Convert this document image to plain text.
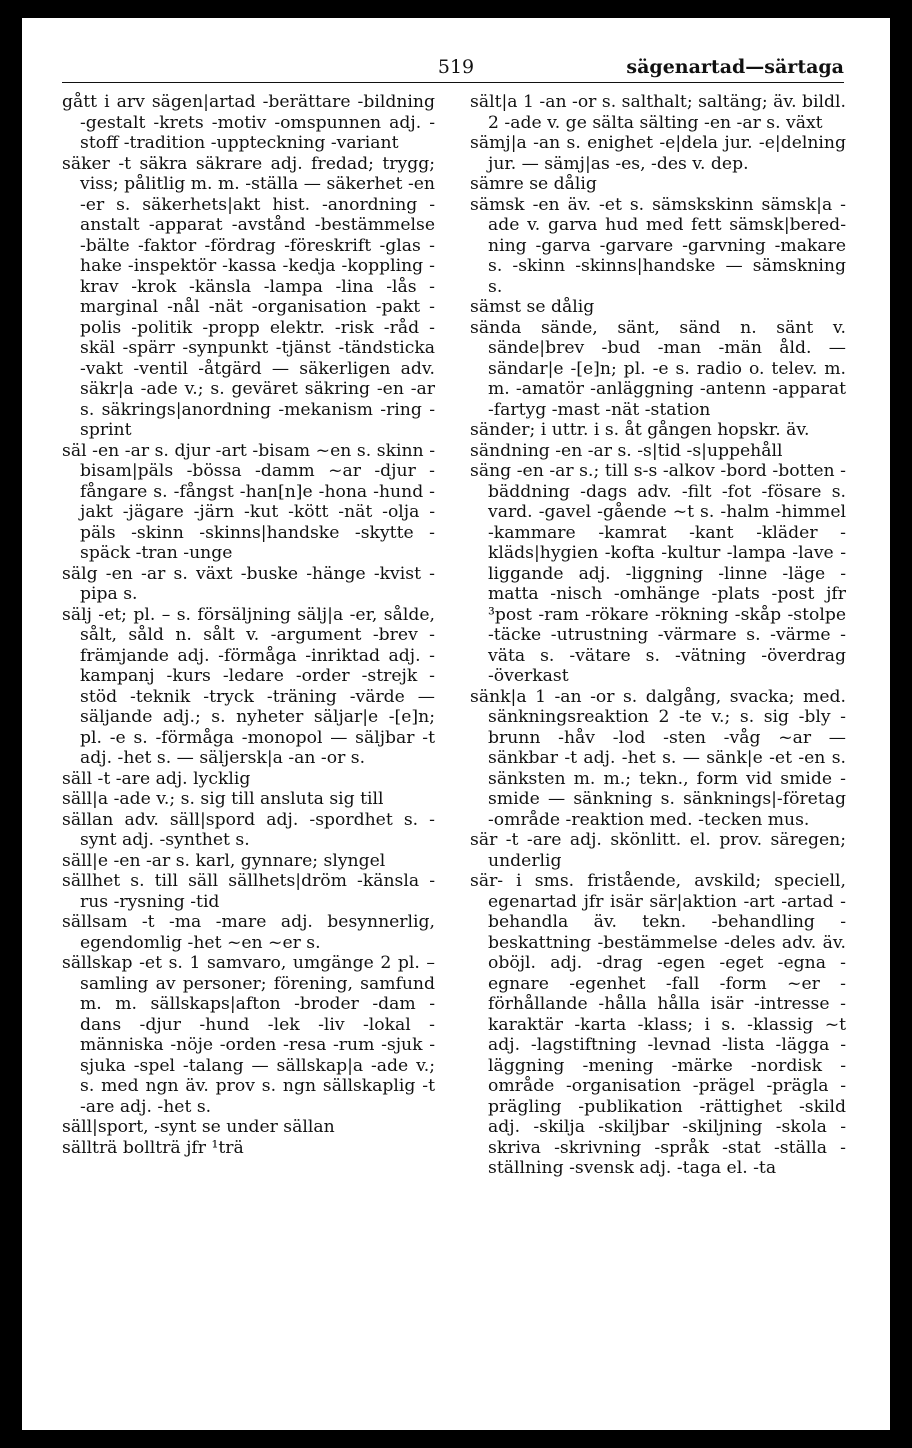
519	sägenartad—särtaga

gått i arv sägen|artad -berättare -bildning -gestalt -krets -motiv -omspunnen adj. -stoff -tradition -uppteckning -variant

säker -t säkra säkrare adj. fredad; trygg; viss; pålitlig m. m. -ställa — säkerhet -en -er s. säkerhets|akt hist. -anordning -anstalt -apparat -avstånd -bestämmelse -bälte -faktor -fördrag -föreskrift -glas -hake -inspektör -kassa -kedja -koppling -krav -krok -känsla -lampa -lina -lås -marginal -nål -nät -organisation -pakt -polis -politik -propp elektr. -risk -råd -skäl -spärr -synpunkt -tjänst -tändsticka -vakt -ventil -åtgärd — säkerligen adv. säkr|a -ade v.; s. geväret säkring -en -ar s. säkrings|anordning -mekanism -ring -sprint

säl -en -ar s. djur -art -bisam ~en s. skinn -bisam|päls -bössa -damm ~ar -djur -fångare s. -fångst -han[n]e -hona -hund -jakt -jägare -järn -kut -kött -nät -olja -päls -skinn -skinns|handske -skytte -späck -tran -unge

sälg -en -ar s. växt -buske -hänge -kvist -pipa s.

sälj -et; pl. – s. försäljning sälj|a -er, sålde, sålt, såld n. sålt v. -argument -brev -främjande adj. -förmåga -inriktad adj. -kampanj -kurs -ledare -order -strejk -stöd -teknik -tryck -träning -värde — säljande adj.; s. nyheter säljar|e -[e]n; pl. -e s. -förmåga -monopol — säljbar -t adj. -het s. — säljersk|a -an -or s.

säll -t -are adj. lycklig

säll|a -ade v.; s. sig till ansluta sig till

sällan adv. säll|spord adj. -spordhet s. -synt adj. -synthet s.

säll|e -en -ar s. karl, gynnare; slyngel

sällhet s. till säll sällhets|dröm -känsla -rus -rysning -tid

sällsam -t -ma -mare adj. besynnerlig, egendomlig -het ~en ~er s.

sällskap -et s. 1 samvaro, umgänge 2 pl. – samling av personer; förening, samfund m. m. sällskaps|afton -broder -dam -dans -djur -hund -lek -liv -lokal -människa -nöje -orden -resa -rum -sjuk -sjuka -spel -talang — sällskap|a -ade v.; s. med ngn äv. prov s. ngn sällskaplig -t -are adj. -het s.

säll|sport, -synt se under sällan

sällträ bollträ jfr ¹trä

sält|a 1 -an -or s. salthalt; saltäng; äv. bildl. 2 -ade v. ge sälta sälting -en -ar s. växt

sämj|a -an s. enighet -e|dela jur. -e|delning jur. — sämj|as -es, -des v. dep.

sämre se dålig

sämsk -en äv. -et s. sämskskinn sämsk|a -ade v. garva hud med fett sämsk|beredning -garva -garvare -garvning -makare s. -skinn -skinns|handske — sämskning s.

sämst se dålig

sända sände, sänt, sänd n. sänt v. sände|brev -bud -man -män åld. — sändar|e -[e]n; pl. -e s. radio o. telev. m. m. -amatör -anläggning -antenn -apparat -fartyg -mast -nät -station

sänder; i uttr. i s. åt gången hopskr. äv.

sändning -en -ar s. -s|tid -s|uppehåll

säng -en -ar s.; till s-s -alkov -bord -botten -bäddning -dags adv. -filt -fot -fösare s. vard. -gavel -gående ~t s. -halm -himmel -kammare -kamrat -kant -kläder -kläds|hygien -kofta -kultur -lampa -lave -liggande adj. -liggning -linne -läge -matta -nisch -omhänge -plats -post jfr ³post -ram -rökare -rökning -skåp -stolpe -täcke -utrustning -värmare s. -värme -väta s. -vätare s. -vätning -överdrag -överkast

sänk|a 1 -an -or s. dalgång, svacka; med. sänkningsreaktion 2 -te v.; s. sig -bly -brunn -håv -lod -sten -våg ~ar — sänkbar -t adj. -het s. — sänk|e -et -en s. sänksten m. m.; tekn., form vid smide -smide — sänkning s. sänknings|-företag -område -reaktion med. -tecken mus.

sär -t -are adj. skönlitt. el. prov. säregen; underlig

sär- i sms. fristående, avskild; speciell, egenartad jfr isär sär|aktion -art -artad -behandla äv. tekn. -behandling -beskattning -bestämmelse -deles adv. äv. oböjl. adj. -drag -egen -eget -egna -egnare -egenhet -fall -form ~er -förhållande -hålla hålla isär -intresse -karaktär -karta -klass; i s. -klassig ~t adj. -lagstiftning -levnad -lista -lägga -läggning -mening -märke -nordisk -område -organisation -prägel -prägla -prägling -publikation -rättighet -skild adj. -skilja -skiljbar -skiljning -skola -skriva -skrivning -språk -stat -ställa -ställning -svensk adj. -taga el. -ta
